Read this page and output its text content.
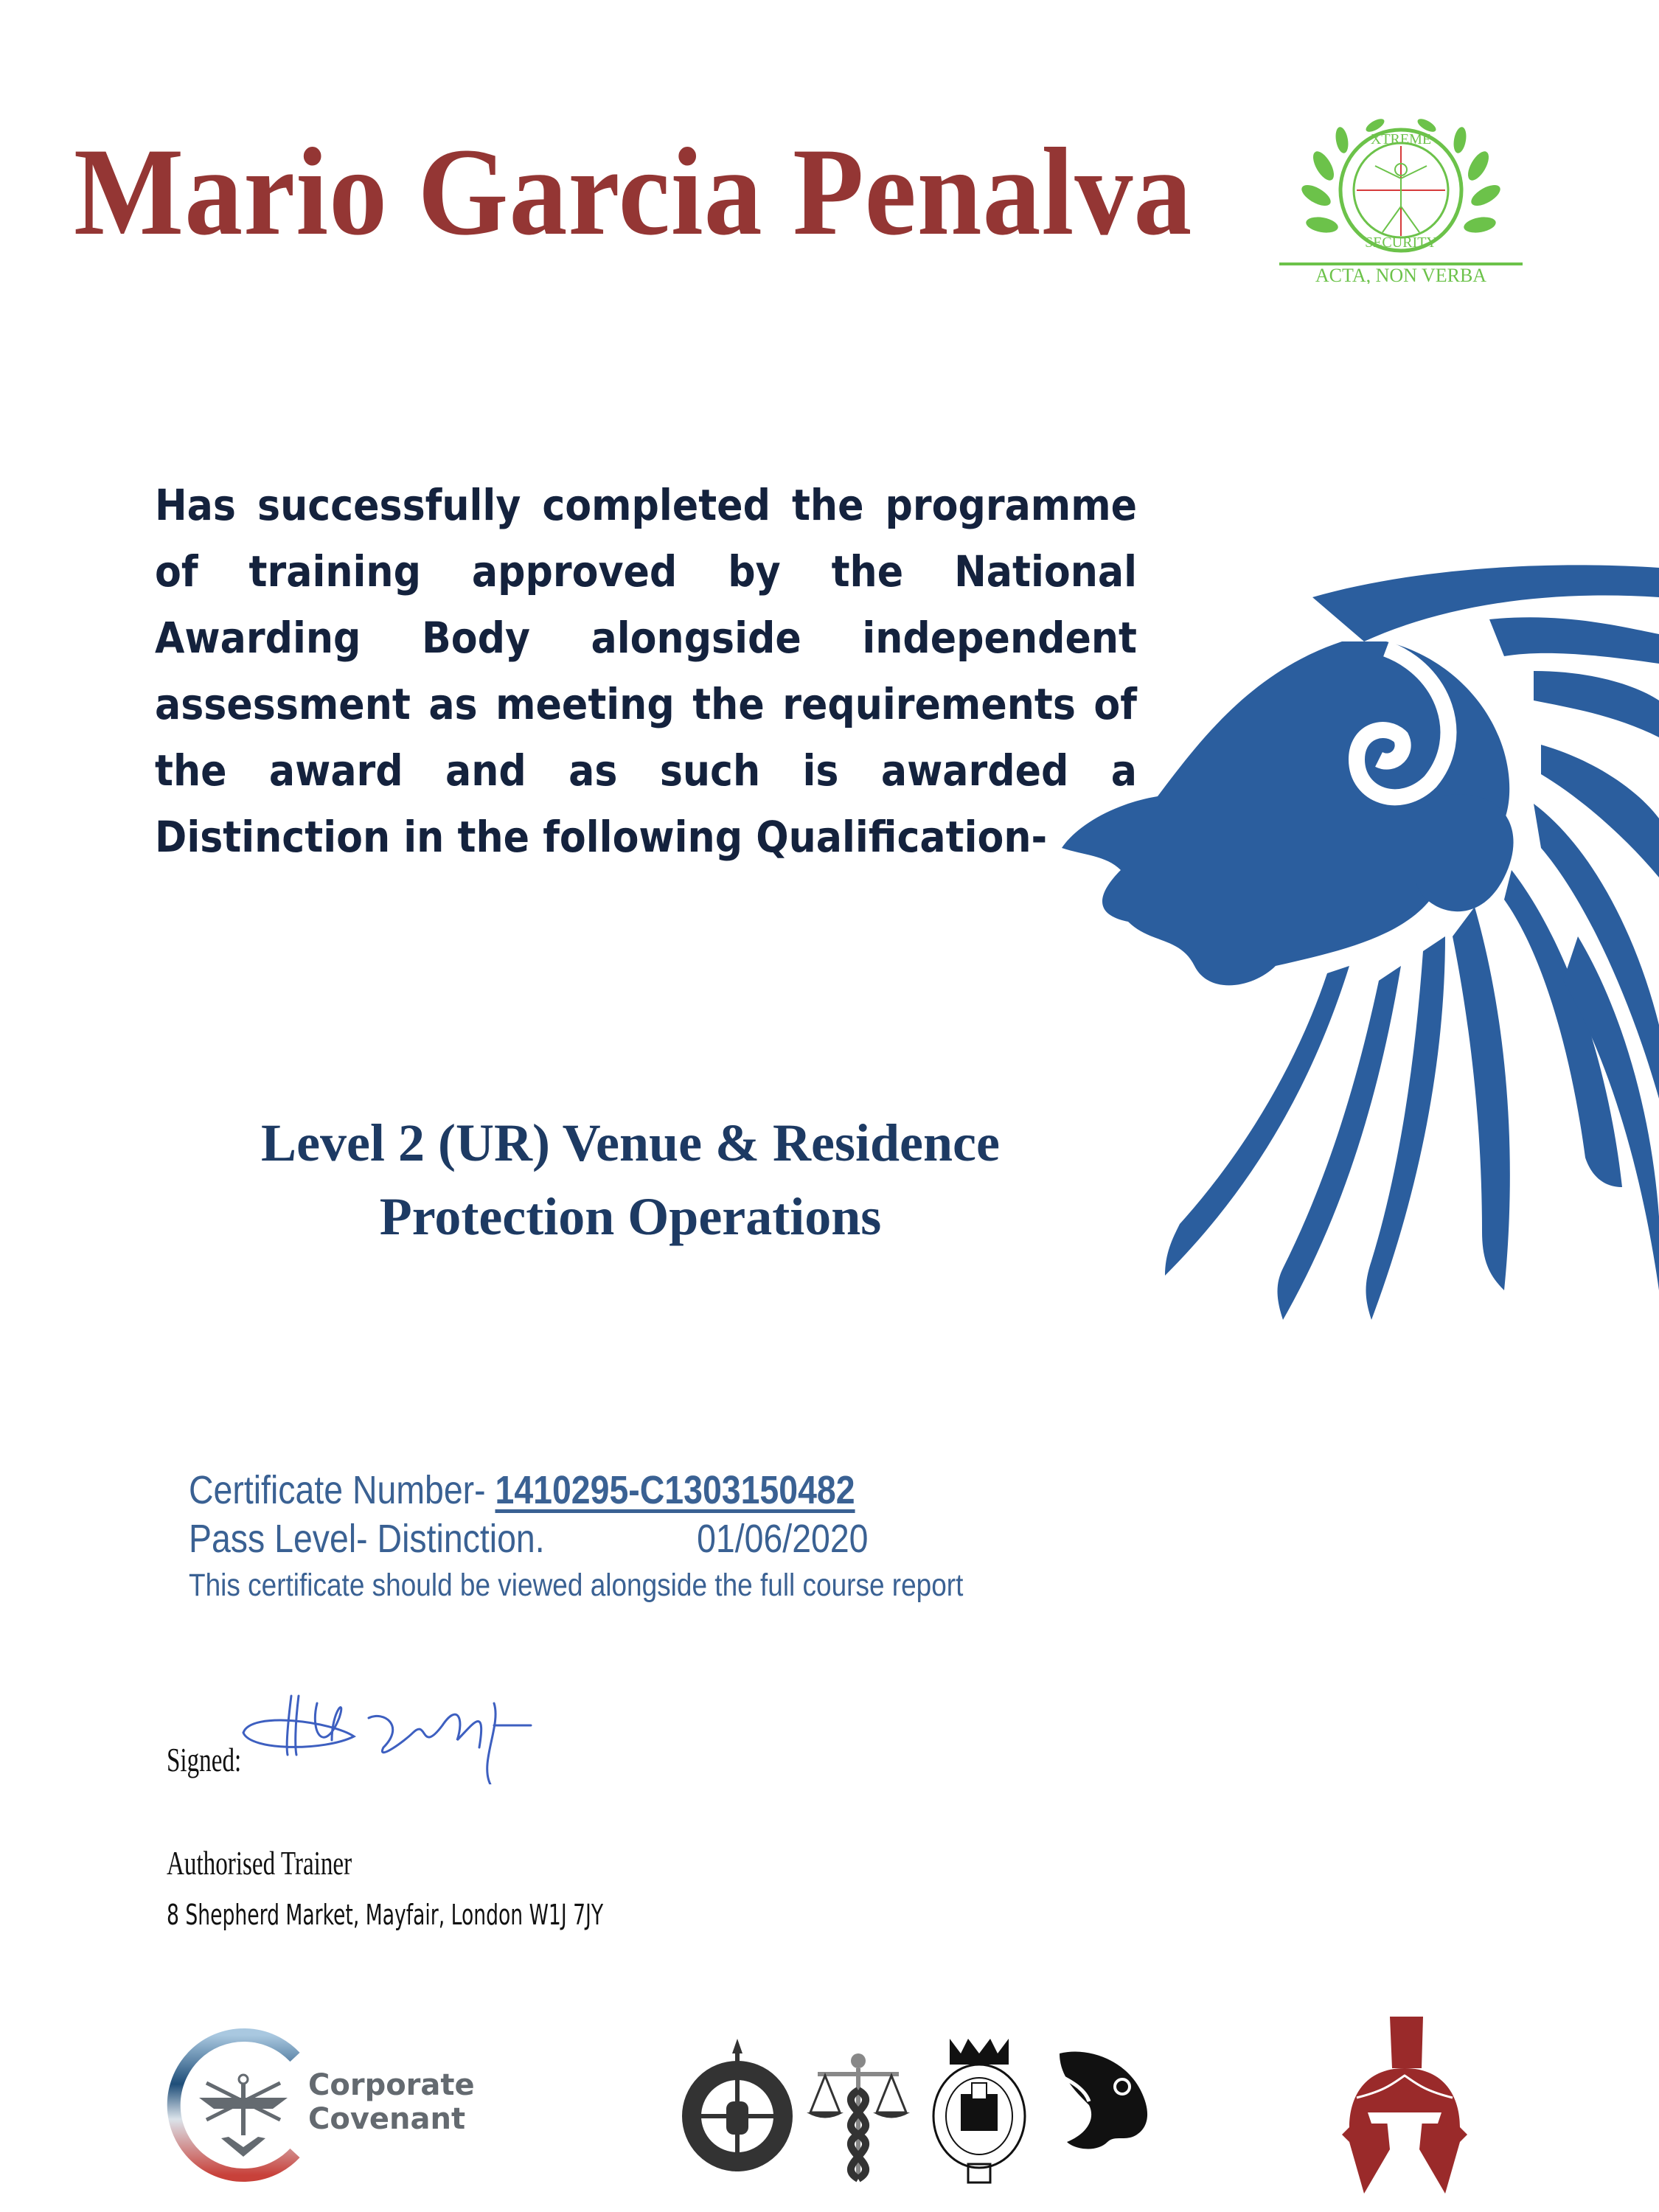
Mario Garcia Penalva	XTREME
SECURITY
ACTA, NON VERBA
Has successfully completed the programme of training approved by the National Awarding Body alongside independent assessment as meeting the requirements of the award and as such is awarded a Distinction in the following Qualification-
Level 2 (UR) Venue & Residence
Protection Operations
Certificate Number- 1410295-C1303150482
Pass Level- Distinction.	01/06/2020
This certificate should be viewed alongside the full course report
Signed:
Authorised Trainer
8 Shepherd Market, Mayfair, London W1J 7JY
Corporate
Covenant
